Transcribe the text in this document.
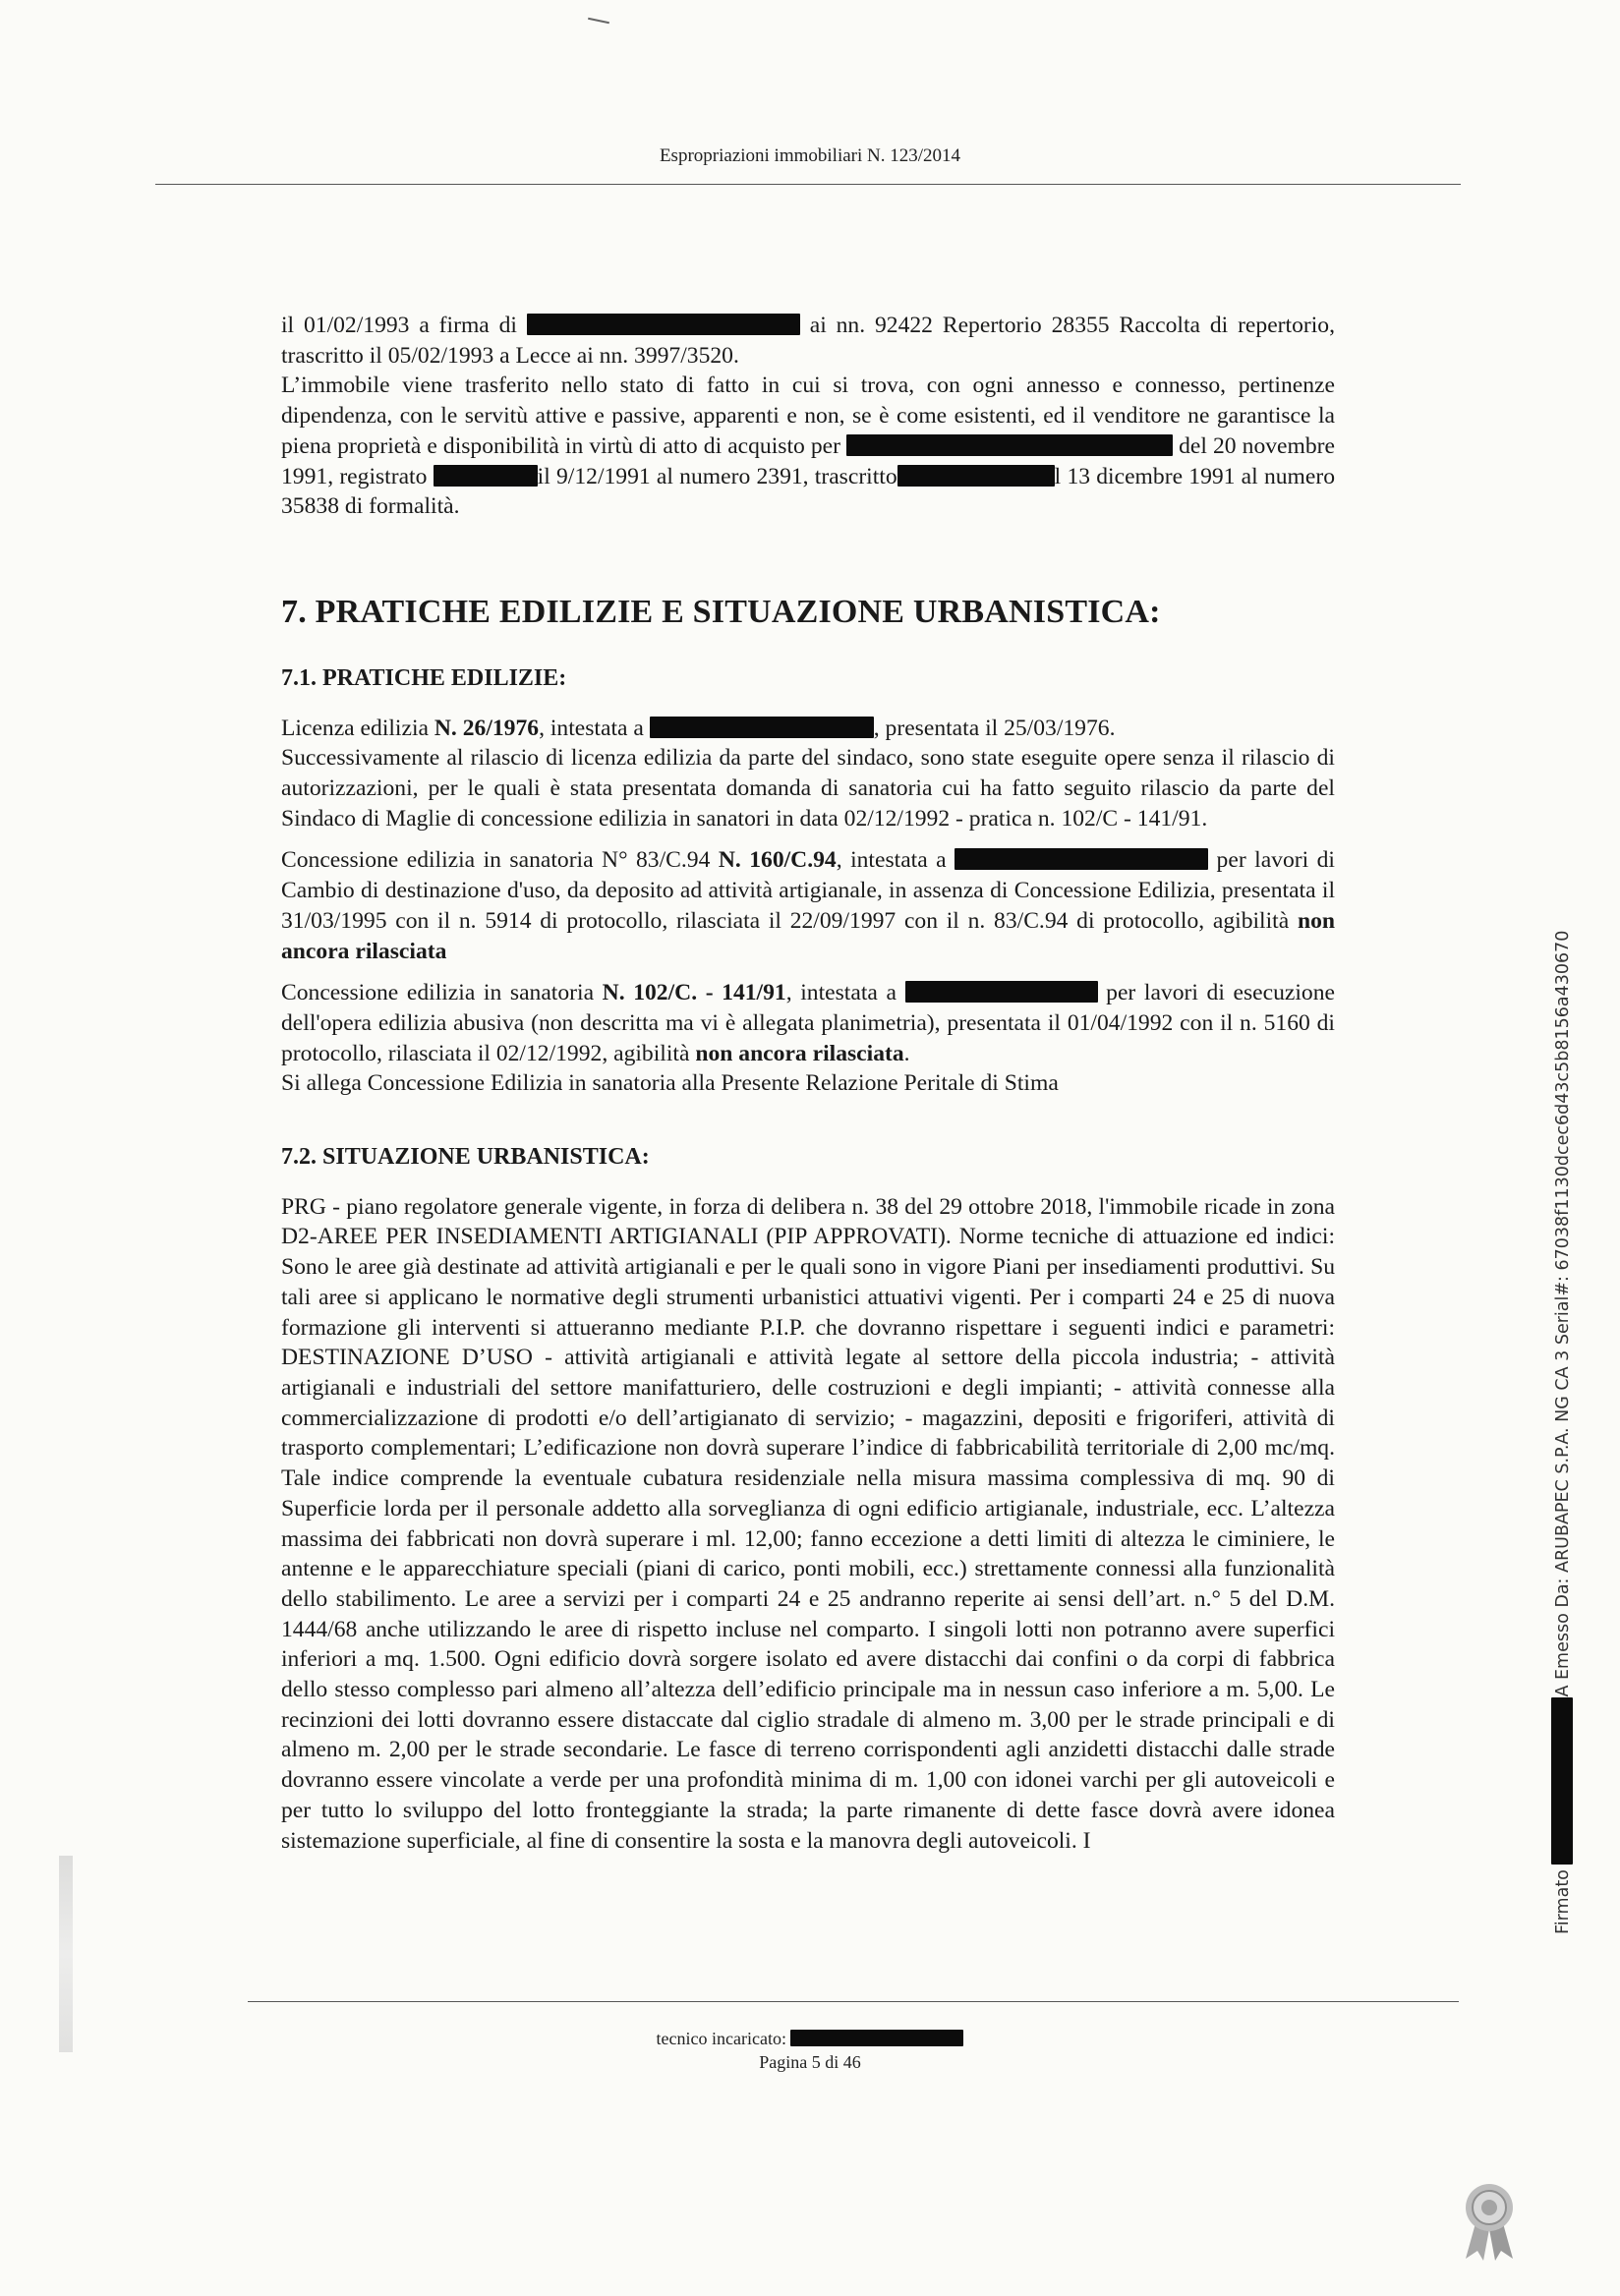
Espropriazioni immobiliari N. 123/2014

il 01/02/1993 a firma di	ai nn. 92422 Repertorio 28355 Raccolta di repertorio, trascritto il 05/02/1993 a Lecce ai nn. 3997/3520.

L’immobile viene trasferito nello stato di fatto in cui si trova, con ogni annesso e connesso, pertinenze dipendenza, con le servitù attive e passive, apparenti e non, se è come esistenti, ed il venditore ne garantisce la piena proprietà e disponibilità in virtù di atto di acquisto per	del 20 novembre 1991, registrato	il 9/12/1991 al numero 2391, trascritto	l 13 dicembre 1991 al numero 35838 di formalità.

7. PRATICHE EDILIZIE E SITUAZIONE URBANISTICA:
7.1. PRATICHE EDILIZIE:

Licenza edilizia N. 26/1976, intestata a	, presentata il 25/03/1976.

Successivamente al rilascio di licenza edilizia da parte del sindaco, sono state eseguite opere senza il rilascio di autorizzazioni, per le quali è stata presentata domanda di sanatoria cui ha fatto seguito rilascio da parte del Sindaco di Maglie di concessione edilizia in sanatori in data 02/12/1992 - pratica n. 102/C - 141/91.

Concessione edilizia in sanatoria N° 83/C.94 N. 160/C.94, intestata a	per lavori di Cambio di destinazione d'uso, da deposito ad attività artigianale, in assenza di Concessione Edilizia, presentata il 31/03/1995 con il n. 5914 di protocollo, rilasciata il 22/09/1997 con il n. 83/C.94 di protocollo, agibilità non ancora rilasciata

Concessione edilizia in sanatoria N. 102/C. - 141/91, intestata a	per lavori di esecuzione dell'opera edilizia abusiva (non descritta ma vi è allegata planimetria), presentata il 01/04/1992 con il n. 5160 di protocollo, rilasciata il 02/12/1992, agibilità non ancora rilasciata.

Si allega Concessione Edilizia in sanatoria alla Presente Relazione Peritale di Stima

7.2. SITUAZIONE URBANISTICA:

PRG - piano regolatore generale vigente, in forza di delibera n. 38 del 29 ottobre 2018, l'immobile ricade in zona D2-AREE PER INSEDIAMENTI ARTIGIANALI (PIP APPROVATI). Norme tecniche di attuazione ed indici: Sono le aree già destinate ad attività artigianali e per le quali sono in vigore Piani per insediamenti produttivi. Su tali aree si applicano le normative degli strumenti urbanistici attuativi vigenti. Per i comparti 24 e 25 di nuova formazione gli interventi si attueranno mediante P.I.P. che dovranno rispettare i seguenti indici e parametri: DESTINAZIONE D’USO - attività artigianali e attività legate al settore della piccola industria; - attività artigianali e industriali del settore manifatturiero, delle costruzioni e degli impianti; - attività connesse alla commercializzazione di prodotti e/o dell’artigianato di servizio; - magazzini, depositi e frigoriferi, attività di trasporto complementari; L’edificazione non dovrà superare l’indice di fabbricabilità territoriale di 2,00 mc/mq. Tale indice comprende la eventuale cubatura residenziale nella misura massima complessiva di mq. 90 di Superficie lorda per il personale addetto alla sorveglianza di ogni edificio artigianale, industriale, ecc. L’altezza massima dei fabbricati non dovrà superare i ml. 12,00; fanno eccezione a detti limiti di altezza le ciminiere, le antenne e le apparecchiature speciali (piani di carico, ponti mobili, ecc.) strettamente connessi alla funzionalità dello stabilimento. Le aree a servizi per i comparti 24 e 25 andranno reperite ai sensi dell’art. n.° 5 del D.M. 1444/68 anche utilizzando le aree di rispetto incluse nel comparto. I singoli lotti non potranno avere superfici inferiori a mq. 1.500. Ogni edificio dovrà sorgere isolato ed avere distacchi dai confini o da corpi di fabbrica dello stesso complesso pari almeno all’altezza dell’edificio principale ma in nessun caso inferiore a m. 5,00. Le recinzioni dei lotti dovranno essere distaccate dal ciglio stradale di almeno m. 3,00 per le strade principali e di almeno m. 2,00 per le strade secondarie. Le fasce di terreno corrispondenti agli anzidetti distacchi dalle strade dovranno essere vincolate a verde per una profondità minima di m. 1,00 con idonei varchi per gli autoveicoli e per tutto lo sviluppo del lotto fronteggiante la strada; la parte rimanente di dette fasce dovrà avere idonea sistemazione superficiale, al fine di consentire la sosta e la manovra degli autoveicoli. I

tecnico incaricato:
Pagina 5 di 46
Firmato A Emesso Da: ARUBAPEC S.P.A. NG CA 3 Serial#: 67038f1130dcec6d43c5b8156a430670
